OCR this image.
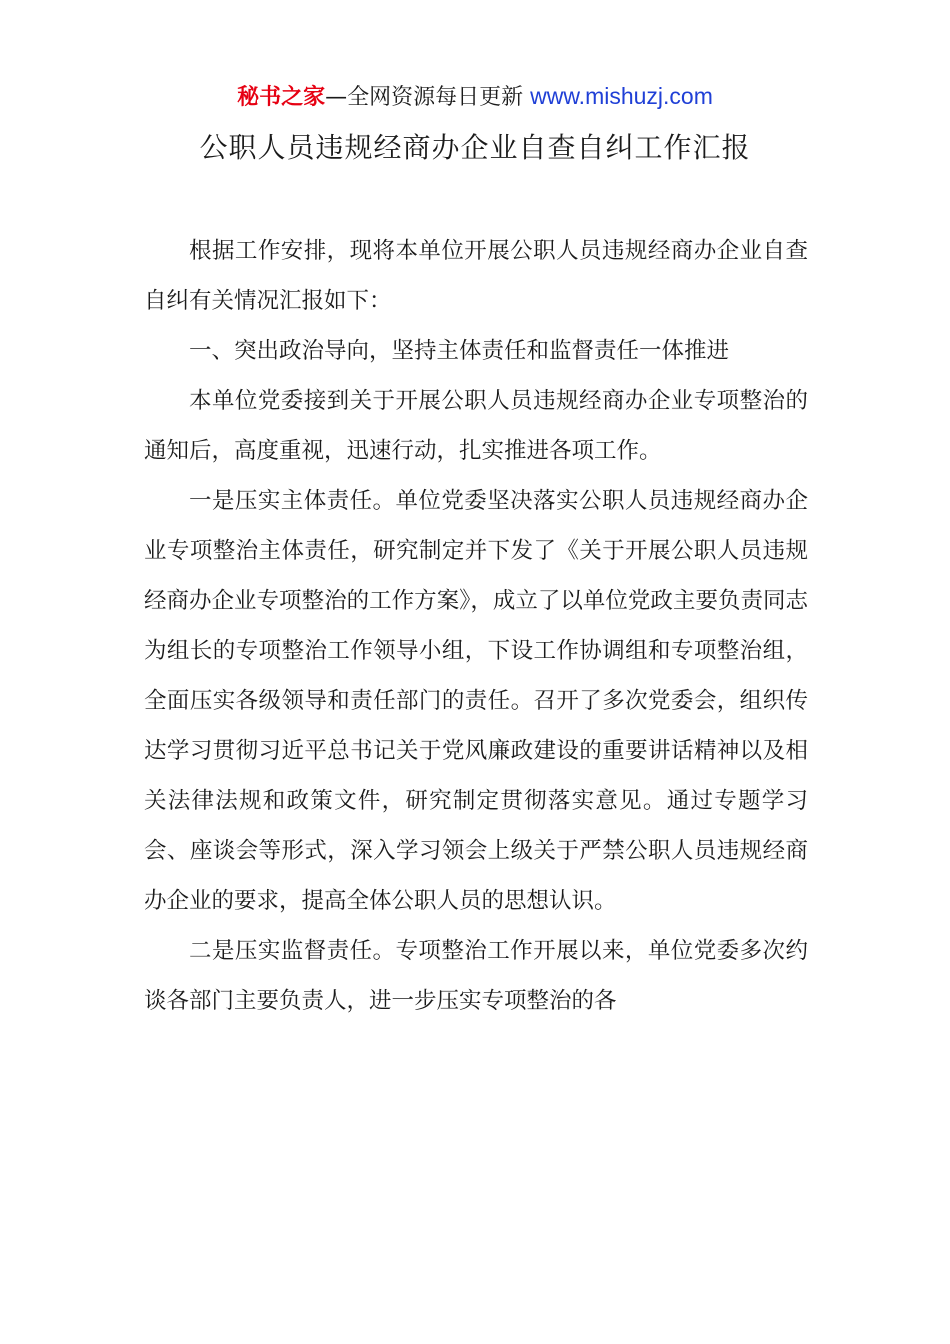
秘书之家—全网资源每日更新 www.mishuzj.com
公职人员违规经商办企业自查自纠工作汇报

根据工作安排，现将本单位开展公职人员违规经商办企业自查自纠有关情况汇报如下：

一、突出政治导向，坚持主体责任和监督责任一体推进

本单位党委接到关于开展公职人员违规经商办企业专项整治的通知后，高度重视，迅速行动，扎实推进各项工作。

一是压实主体责任。单位党委坚决落实公职人员违规经商办企业专项整治主体责任，研究制定并下发了《关于开展公职人员违规经商办企业专项整治的工作方案》，成立了以单位党政主要负责同志为组长的专项整治工作领导小组，下设工作协调组和专项整治组，全面压实各级领导和责任部门的责任。召开了多次党委会，组织传达学习贯彻习近平总书记关于党风廉政建设的重要讲话精神以及相关法律法规和政策文件，研究制定贯彻落实意见。通过专题学习会、座谈会等形式，深入学习领会上级关于严禁公职人员违规经商办企业的要求，提高全体公职人员的思想认识。

二是压实监督责任。专项整治工作开展以来，单位党委多次约谈各部门主要负责人，进一步压实专项整治的各
